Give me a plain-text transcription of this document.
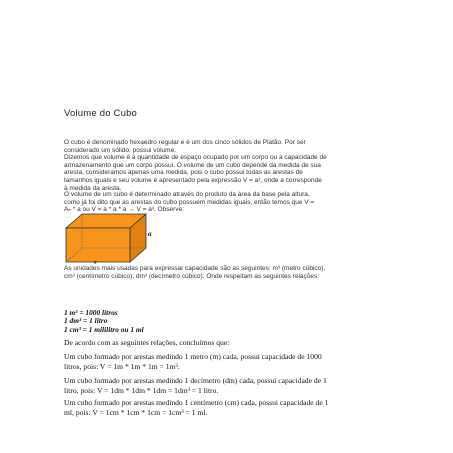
Volume do Cubo
O cubo é denominado hexaedro regular e é um dos cinco sólidos de Platão. Por ser
considerado um sólido, possui volume.
Dizemos que volume é a quantidade de espaço ocupado por um corpo ou a capacidade de
armazenamento que um corpo possui. O volume de um cubo depende da medida de sua
aresta, consideramos apenas uma medida, pois o cubo possui todas as arestas de
tamanhos iguais e seu volume é apresentado pela expressão V = a³, onde a corresponde
à medida da aresta.
O volume de um cubo é determinado através do produto da área da base pela altura,
como já foi dito que as arestas do cubo possuem medidas iguais, então temos que V =
Aₙ * a ou V = a * a * a → V = a³. Observe:
a
a
As unidades mais usadas para expressar capacidade são as seguintes: m³ (metro cúbico),
cm³ (centímetro cúbico), dm³ (decímetro cúbico). Onde respeitam as seguintes relações:
1 m³ = 1000 litros
1 dm³ = 1 litro
1 cm³ = 1 mililitro ou 1 ml
De acordo com as seguintes relações, concluímos que:
Um cubo formado por arestas medindo 1 metro (m) cada, possui capacidade de 1000
litros, pois: V = 1m * 1m * 1m = 1m³.
Um cubo formado por arestas medindo 1 decímetro (dm) cada, possui capacidade de 1
litro, pois: V = 1dm * 1dm * 1dm = 1dm³ = 1 litro.
Um cubo formado por arestas medindo 1 centímetro (cm) cada, possui capacidade de 1
ml, pois: V = 1cm * 1cm * 1cm = 1cm³ = 1 ml.
